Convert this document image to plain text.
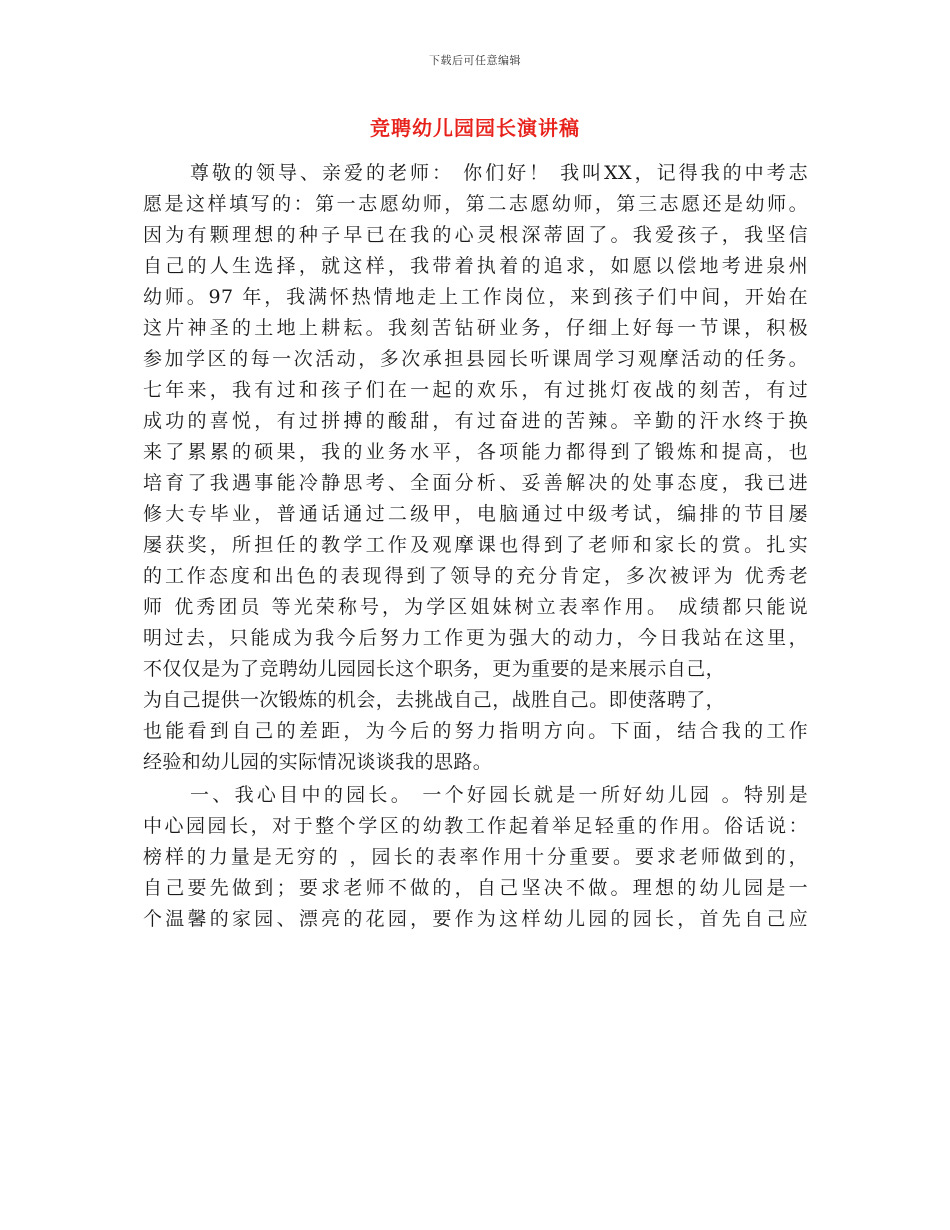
下载后可任意编辑
竞聘幼儿园园长演讲稿
尊敬的领导、亲爱的老师： 你们好！ 我叫XX，记得我的中考志
愿是这样填写的：第一志愿幼师，第二志愿幼师，第三志愿还是幼师。
因为有颗理想的种子早已在我的心灵根深蒂固了。我爱孩子，我坚信
自己的人生选择，就这样，我带着执着的追求，如愿以偿地考进泉州
幼师。97 年，我满怀热情地走上工作岗位，来到孩子们中间，开始在
这片神圣的土地上耕耘。我刻苦钻研业务，仔细上好每一节课，积极
参加学区的每一次活动，多次承担县园长听课周学习观摩活动的任务。
七年来，我有过和孩子们在一起的欢乐，有过挑灯夜战的刻苦，有过
成功的喜悦，有过拼搏的酸甜，有过奋进的苦辣。辛勤的汗水终于换
来了累累的硕果，我的业务水平，各项能力都得到了锻炼和提高，也
培育了我遇事能冷静思考、全面分析、妥善解决的处事态度，我已进
修大专毕业，普通话通过二级甲，电脑通过中级考试，编排的节目屡
屡获奖，所担任的教学工作及观摩课也得到了老师和家长的赏。扎实
的工作态度和出色的表现得到了领导的充分肯定，多次被评为 优秀老
师 优秀团员 等光荣称号，为学区姐妹树立表率作用。 成绩都只能说
明过去，只能成为我今后努力工作更为强大的动力，今日我站在这里，
不仅仅是为了竞聘幼儿园园长这个职务，更为重要的是来展示自己，
为自己提供一次锻炼的机会，去挑战自己，战胜自己。即使落聘了，
也能看到自己的差距，为今后的努力指明方向。下面，结合我的工作
经验和幼儿园的实际情况谈谈我的思路。
一、我心目中的园长。 一个好园长就是一所好幼儿园 。特别是
中心园园长，对于整个学区的幼教工作起着举足轻重的作用。俗话说：
榜样的力量是无穷的 ，园长的表率作用十分重要。要求老师做到的，
自己要先做到；要求老师不做的，自己坚决不做。理想的幼儿园是一
个温馨的家园、漂亮的花园，要作为这样幼儿园的园长，首先自己应
